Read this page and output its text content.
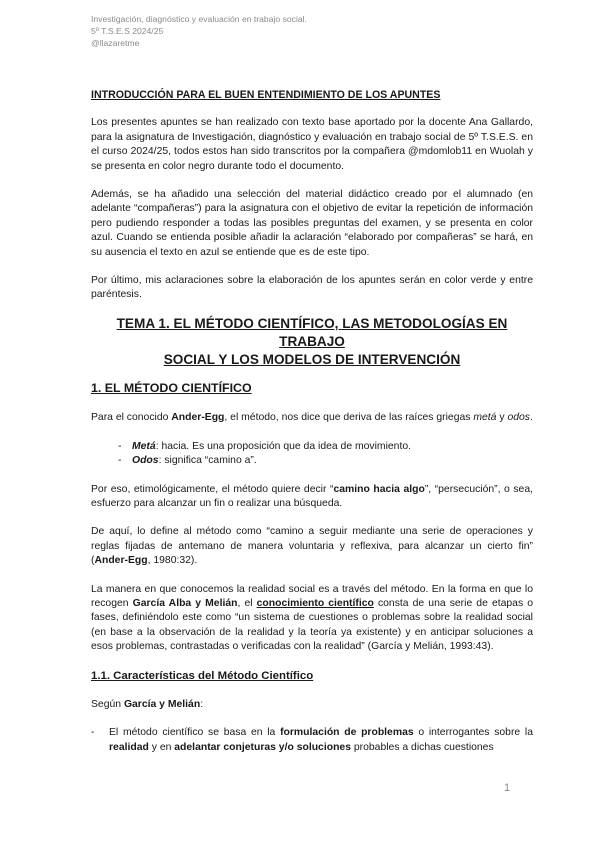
Investigación, diagnóstico y evaluación en trabajo social.
5º T.S.E.S 2024/25
@llazaretme
INTRODUCCIÓN PARA EL BUEN ENTENDIMIENTO DE LOS APUNTES

Los presentes apuntes se han realizado con texto base aportado por la docente Ana Gallardo, para la asignatura de Investigación, diagnóstico y evaluación en trabajo social de 5º T.S.E.S. en el curso 2024/25, todos estos han sido transcritos por la compañera @mdomlob11 en Wuolah y se presenta en color negro durante todo el documento.

Además, se ha añadido una selección del material didáctico creado por el alumnado (en adelante “compañeras”) para la asignatura con el objetivo de evitar la repetición de información pero pudiendo responder a todas las posibles preguntas del examen, y se presenta en color azul. Cuando se entienda posible añadir la aclaración “elaborado por compañeras” se hará, en su ausencia el texto en azul se entiende que es de este tipo.

Por último, mis aclaraciones sobre la elaboración de los apuntes serán en color verde y entre paréntesis.

TEMA 1. EL MÉTODO CIENTÍFICO, LAS METODOLOGÍAS EN TRABAJO
SOCIAL Y LOS MODELOS DE INTERVENCIÓN
1. EL MÉTODO CIENTÍFICO

Para el conocido Ander-Egg, el método, nos dice que deriva de las raíces griegas metá y odos.

- Metá: hacia. Es una proposición que da idea de movimiento.
- Odos: significa “camino a”.

Por eso, etimológicamente, el método quiere decir “camino hacia algo”, “persecución”, o sea, esfuerzo para alcanzar un fin o realizar una búsqueda.

De aquí, lo define al método como “camino a seguir mediante una serie de operaciones y reglas fijadas de antemano de manera voluntaria y reflexiva, para alcanzar un cierto fin” (Ander-Egg, 1980:32).

La manera en que conocemos la realidad social es a través del método. En la forma en que lo recogen García Alba y Melián, el conocimiento científico consta de una serie de etapas o fases, definiéndolo este como “un sistema de cuestiones o problemas sobre la realidad social (en base a la observación de la realidad y la teoría ya existente) y en anticipar soluciones a esos problemas, contrastadas o verificadas con la realidad” (García y Melián, 1993:43).

1.1. Características del Método Científico

Según García y Melián:

- El método científico se basa en la formulación de problemas o interrogantes sobre la realidad y en adelantar conjeturas y/o soluciones probables a dichas cuestiones
1
